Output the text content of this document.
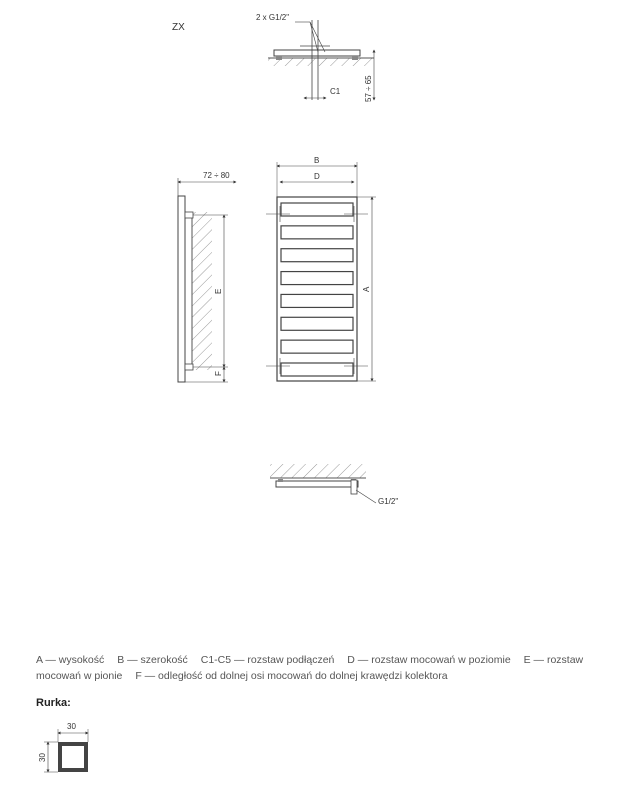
ZX
2 x G1/2"
C1	57 ÷ 65
72 ÷ 80
E
F
B
D
A
G1/2"
30
30
A — wysokość B — szerokość C1-C5 — rozstaw podłączeń D — rozstaw mocowań w poziomie E — rozstaw mocowań w pionie F — odległość od dolnej osi mocowań do dolnej krawędzi kolektora
Rurka:
